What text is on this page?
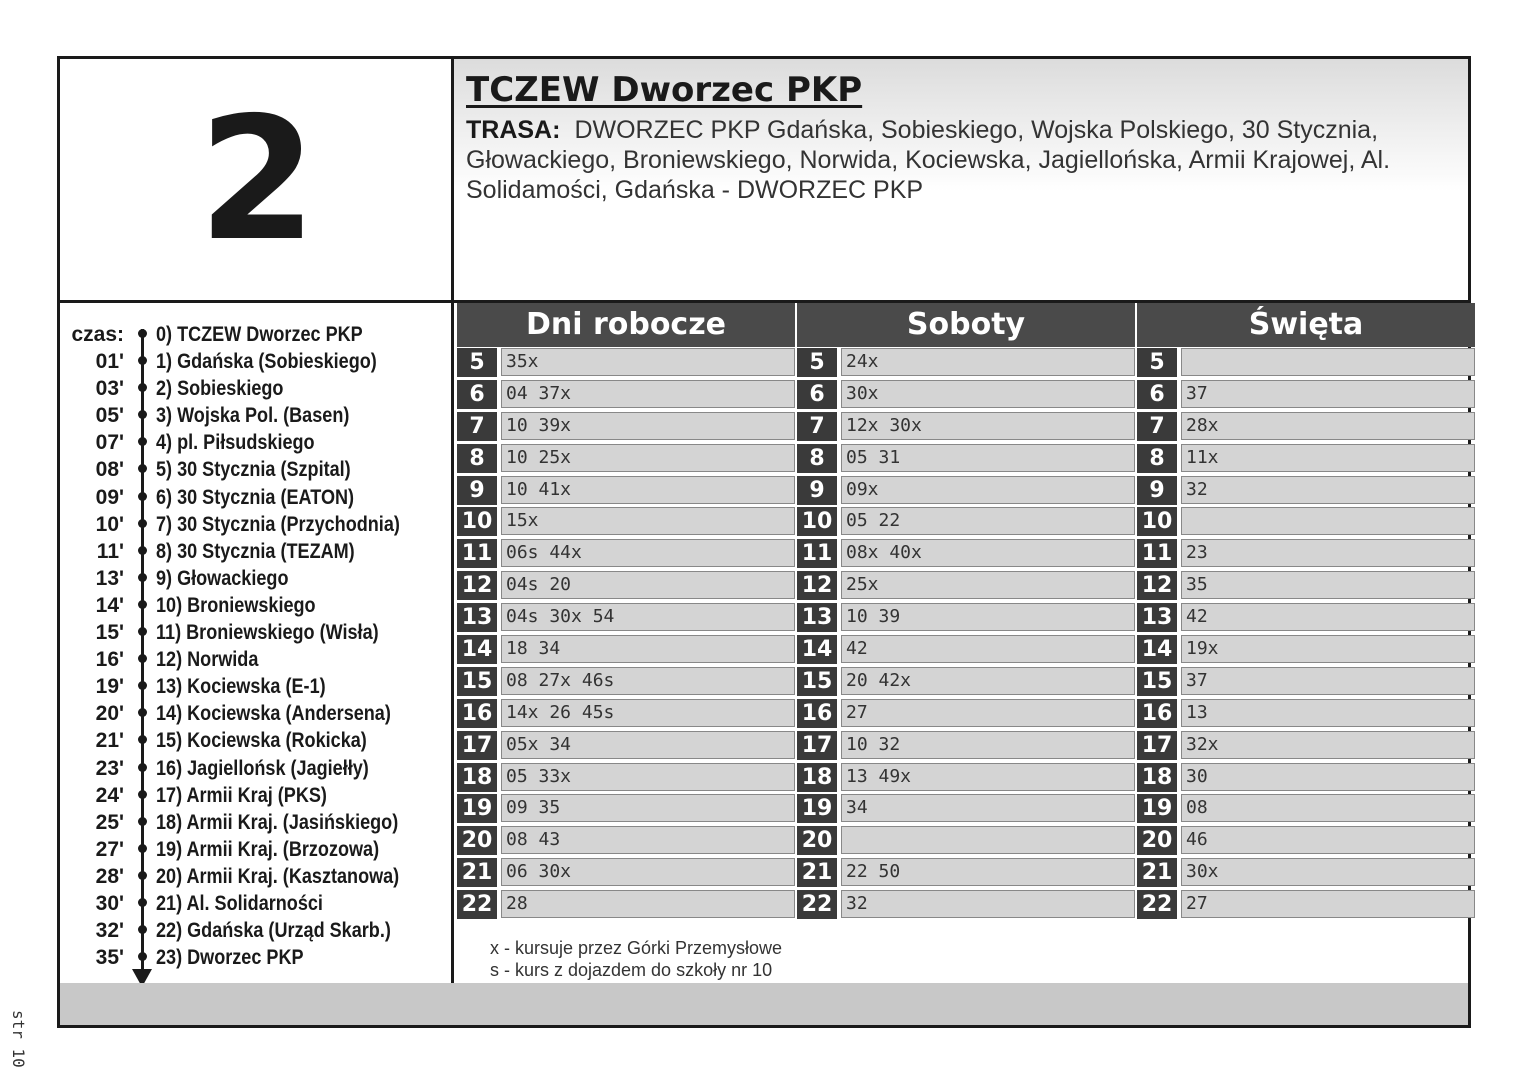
2	TCZEW Dworzec PKP
TRASA: DWORZEC PKP Gdańska, Sobieskiego, Wojska Polskiego, 30 Stycznia, Głowackiego, Broniewskiego, Norwida, Kociewska, Jagiellońska, Armii Krajowej, Al. Solidamości, Gdańska - DWORZEC PKP
czas: 0) TCZEW Dworzec PKP
01' 1) Gdańska (Sobieskiego)
03' 2) Sobieskiego
05' 3) Wojska Pol. (Basen)
07' 4) pl. Piłsudskiego
08' 5) 30 Stycznia (Szpital)
09' 6) 30 Stycznia (EATON)
10' 7) 30 Stycznia (Przychodnia)
11' 8) 30 Stycznia (TEZAM)
13' 9) Głowackiego
14' 10) Broniewskiego
15' 11) Broniewskiego (Wisła)
16' 12) Norwida
19' 13) Kociewska (E-1)
20' 14) Kociewska (Andersena)
21' 15) Kociewska (Rokicka)
23' 16) Jagiellońsk (Jagiełły)
24' 17) Armii Kraj (PKS)
25' 18) Armii Kraj. (Jasińskiego)
27' 19) Armii Kraj. (Brzozowa)
28' 20) Armii Kraj. (Kasztanowa)
30' 21) Al. Solidarności
32' 22) Gdańska (Urząd Skarb.)
35' 23) Dworzec PKP
Dni robocze
5	35x
6	04 37x
7	10 39x
8	10 25x
9	10 41x
10 15x
11 06s 44x
12 04s 20
13 04s 30x 54
14 18 34
15 08 27x 46s
16 14x 26 45s
17 05x 34
18 05 33x
19 09 35
20 08 43
21 06 30x
22 28
Soboty
5	24x
6	30x
7	12x 30x
8	05 31
9	09x
10 05 22
11 08x 40x
12 25x
13 10 39
14 42
15 20 42x
16 27
17 10 32
18 13 49x
19 34
20
21 22 50
22 32
Święta
5
6	37
7	28x
8	11x
9	32
10
11 23
12 35
13 42
14 19x
15 37
16 13
17 32x
18 30
19 08
20 46
21 30x
22 27
x - kursuje przez Górki Przemysłowe
s - kurs z dojazdem do szkoły nr 10
str 10
